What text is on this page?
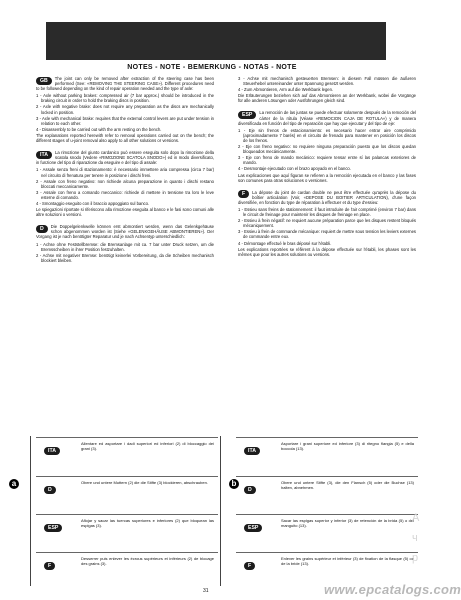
NOTES - NOTE - BEMERKUNG - NOTAS - NOTE
GB	The joint can only be removed after extraction of the steering case has been performed (See: «REMOVING THE STEERING CASE»). Different procedures need to be followed depending on the kind of repair operation needed and the type of axle:

1 - Axle without parking brakes: compressed air (7 bar approx.) should be introduced in the braking circuit in order to hold the braking discs in position.
2 - Axle with negative brake: does not require any preparation as the discs are mechanically locked in position.
3 - Axle with mechanical brake: requires that the external control levers are put under tension in relation to each other.
4 - Disassembly to be carried out with the arm resting on the bench.

The explanations reported herewith refer to removal operations carried out on the bench; the different stages of u-joint removal also apply to all other solutions or versions.

ITA	La rimozione del giunto cardanico può essere eseguita solo dopo la rimozione della scatola snodo (Vedere «RIMOZIONE SCATOLA SNODO») ed in modo diversificato, in funzione del tipo di riparazione da eseguire e del tipo di assale:

1 - Assale senza freni di stazionamento: è necessario immettere aria compressa (circa 7 bar) nel circuito di frenatura per tenere in posizione i dischi freni.
2 - Assale con freno negativo: non richiede alcuna preparazione in quanto i dischi restano bloccati meccanicamente.
3 - Assale con freno a comando meccanico: richiede di mettere in tensione tra loro le leve esterne di comando.
4 - Smontaggio eseguito con il braccio appoggiato sul banco.

Le spiegazioni riportate si riferiscono alla rimozione eseguita al banco e le fasi sono comuni alle altre soluzioni o versioni.

D	Die Doppelgelenkwelle können erst abmontiert werden, wenn das Gelenkgehäuse schon abgenommen worden ist (Siehe «GELENKGEHÄUSE ABMONTIEREN»). Der Vorgang ist je nach benötigter Reparatur und je nach Achsentyp unterschiedlich:

1 - Achse ohne Feststellbremse: die Bremsanlage mit ca. 7 bar unter Druck setzen, um die Bremsscheiben in ihrer Position festzuhalten.
2 - Achse mit negativer Bremse: benötigt keinerlei Vorbereitung, da die Scheiben mechanisch blockiert bleiben.
3 - Achse mit mechanisch gesteuerten Bremsen: in diesem Fall müssen die äußeren Steuerhebel untereinander unter Spannung gesetzt werden.
4 - Zum Abmontieren, Arm auf die Werkbank legen.

Die Erläuterungen beziehen sich auf das Abmontieren an der Werkbank, wobei die Vorgänge für alle anderen Lösungen oder Ausführungen gleich sind.

ESP	La remoción de las juntas se puede efectuar solamente después de la remoción del cárter de la rótula (Véase «REMOCION CAJA DE ROTULA») y de manera diversificada en función del tipo de reparación que hay que ejecutar y del tipo de eje:

1 - Eje sin frenos de estacionamiento: es necesario hacer entrar aire comprimido (aproximadamente 7 barés) en el circuito de frenado para mantener en posición los discos de los frenos.
2 - Eje con freno negativo: no requiere ninguna preparación puesto que los discos quedan bloqueados mecánicamente.
3 - Eje con freno de mando mecánico: requiere tensar entre sí las palancas exteriores de mando.
4 - Desmontaje ejecutado con el brazo apoyado en el banco.

Las explicaciones que aquí figuran se refieren a la remoción ejecutada en el banco y las fases son comunes para otras soluciones o versiones.

F	La dépose du joint de cardan double ne peut être effectuée qu'après la dépose du boîtier articulation (Voir, «DEPOSE DU BOITIER ARTICULATION), d'une façon diversifiée, en fonction du type de réparation à effectuer et du type d'essieu:

1 - Essieu sans freins de stationnement: il faut introduire de l'air comprimé (environ 7 bar) dans le circuit de freinage pour maintenir les disques de freinage en place.
2 - Essieu à frein négatif: ne requiert aucune préparation parce que les disques restent bloqués mécaniquement.
3 - Essieu à frein de commande mécanique: requiert de mettre sous tension les leviers externes de commande entre eux.
4 - Démontage effectué le bras déposé sur l'établi.

Les explications reportées se réfèrent à la dépose effectuée sur l'établi, les phases sont les mêmes que pour les autres solutions ou versions.

ITA

Allentare ed asportare i dadi superiori ed inferiori (2) di bloccaggio dei grani (3).

D

Obere und untere Muttern (2) die die Stifte (3) blockieren, abschrauben.

ESP

Aflojar y sacar las tuercas superiores e inferiores (2) que bloquean las espigas (3).

F

Desserrer puis enlever les écrous supérieurs et inférieurs (2) de blocage des grains (3).

ITA

Asportare i grani superiore ed inferiore (3) di ritegno flangia (5) e della boccola (13).

D

Obere und untere Stifte (3), die den Flansch (5) oder die Buchse (13) halten, abnehmen.

ESP

Sacar las espigas superior y inferior (3) de retención de la brida (5) o del manguito (13).

F

Enlever les grains supérieur et inférieur (3) de fixation de la flasque (5) ou de la bride (13).

a	b
31	www.epcatalogs.com
A
ч
р
